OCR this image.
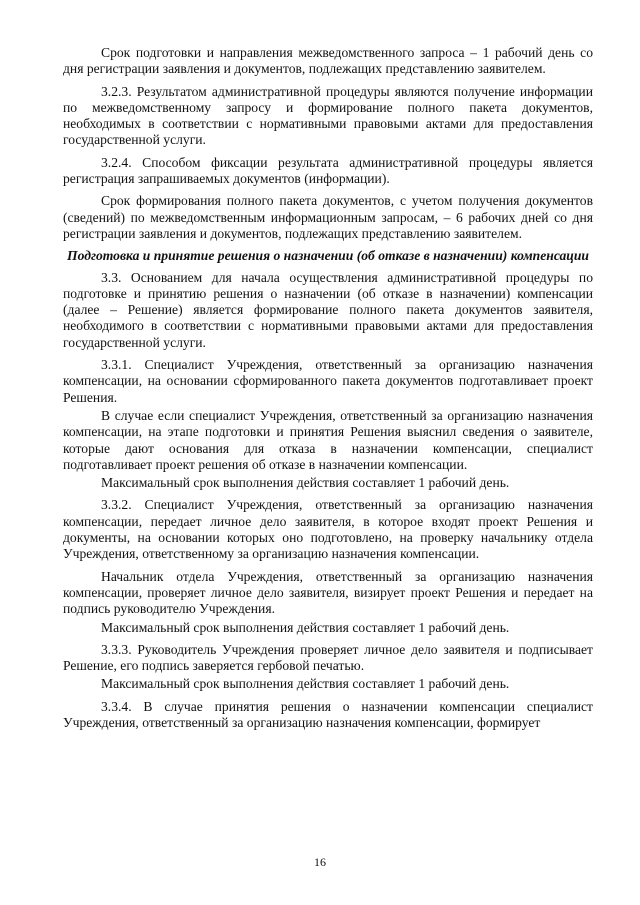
Срок подготовки и направления межведомственного запроса – 1 рабочий день со дня регистрации заявления и документов, подлежащих представлению заявителем.

3.2.3. Результатом административной процедуры являются получение информации по межведомственному запросу и формирование полного пакета документов, необходимых в соответствии с нормативными правовыми актами для предоставления государственной услуги.

3.2.4. Способом фиксации результата административной процедуры является регистрация запрашиваемых документов (информации).

Срок формирования полного пакета документов, с учетом получения документов (сведений) по межведомственным информационным запросам, – 6 рабочих дней со дня регистрации заявления и документов, подлежащих представлению заявителем.

Подготовка и принятие решения о назначении (об отказе в назначении) компенсации

3.3. Основанием для начала осуществления административной процедуры по подготовке и принятию решения о назначении (об отказе в назначении) компенсации (далее – Решение) является формирование полного пакета документов заявителя, необходимого в соответствии с нормативными правовыми актами для предоставления государственной услуги.

3.3.1. Специалист Учреждения, ответственный за организацию назначения компенсации, на основании сформированного пакета документов подготавливает проект Решения.

В случае если специалист Учреждения, ответственный за организацию назначения компенсации, на этапе подготовки и принятия Решения выяснил сведения о заявителе, которые дают основания для отказа в назначении компенсации, специалист подготавливает проект решения об отказе в назначении компенсации.

Максимальный срок выполнения действия составляет 1 рабочий день.

3.3.2. Специалист Учреждения, ответственный за организацию назначения компенсации, передает личное дело заявителя, в которое входят проект Решения и документы, на основании которых оно подготовлено, на проверку начальнику отдела Учреждения, ответственному за организацию назначения компенсации.

Начальник отдела Учреждения, ответственный за организацию назначения компенсации, проверяет личное дело заявителя, визирует проект Решения и передает на подпись руководителю Учреждения.

Максимальный срок выполнения действия составляет 1 рабочий день.

3.3.3. Руководитель Учреждения проверяет личное дело заявителя и подписывает Решение, его подпись заверяется гербовой печатью.

Максимальный срок выполнения действия составляет 1 рабочий день.

3.3.4. В случае принятия решения о назначении компенсации специалист Учреждения, ответственный за организацию назначения компенсации, формирует

16
